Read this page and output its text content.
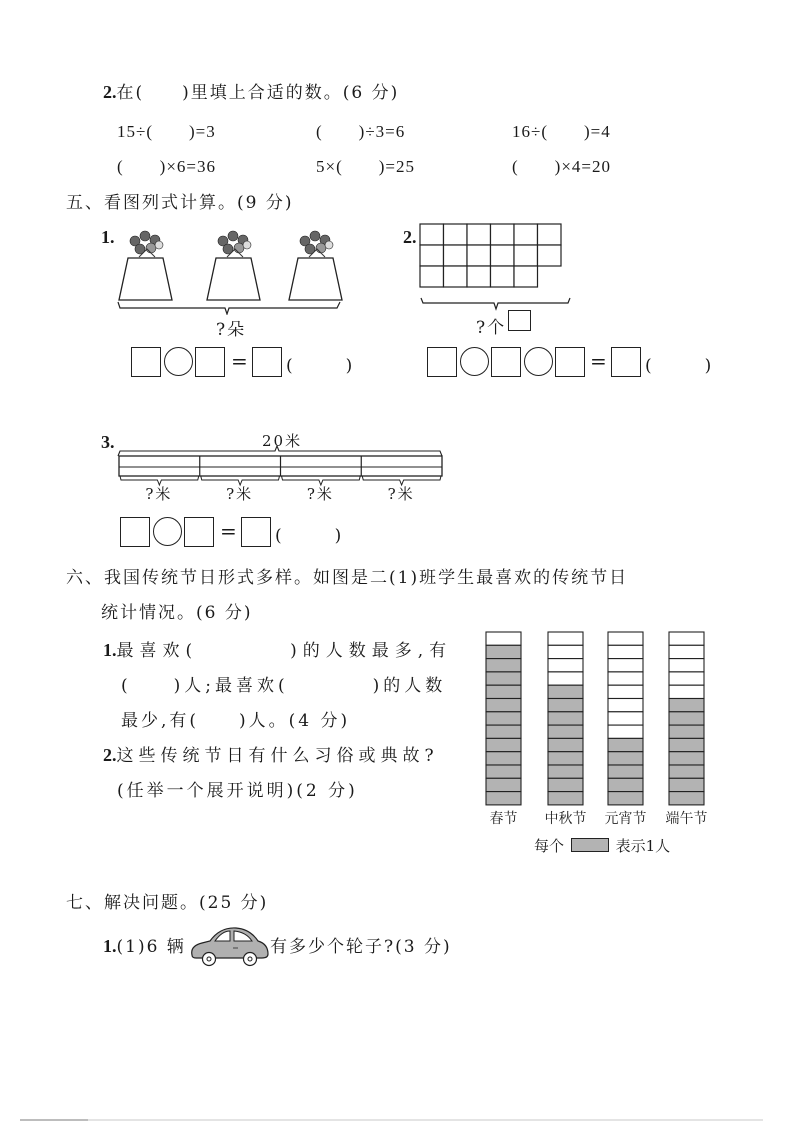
2.在(　　)里填上合适的数。(6 分)
15÷(　　)=3	(　　)÷3=6	16÷(　　)=4
(　　)×6=36	5×(　　)=25	(　　)×4=20
五、看图列式计算。(9 分)
1.
?朵
= (　)
2.
?个
= (　)
3.	20米
?米	?米	?米	?米
= (　)
六、我国传统节日形式多样。如图是二(1)班学生最喜欢的传统节日
统计情况。(6 分)
1.最喜欢(　　　　)的人数最多,有
(　　)人;最喜欢(　　　　)的人数
最少,有(　　)人。(4 分)
2.这些传统节日有什么习俗或典故?
(任举一个展开说明)(2 分)
春节 中秋节 元宵节 端午节
每个	表示1人
七、解决问题。(25 分)
1.(1)6 辆	有多少个轮子?(3 分)
